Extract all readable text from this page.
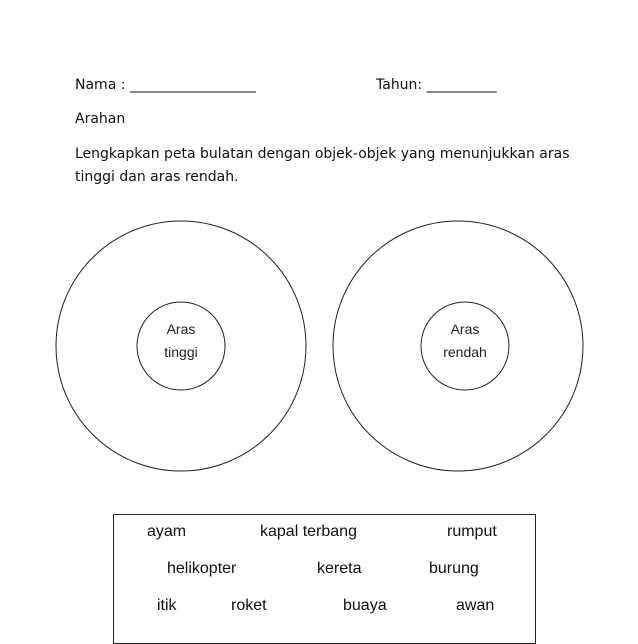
Nama : __________________	Tahun: __________
Arahan
Lengkapkan peta bulatan dengan objek-objek yang menunjukkan aras
tinggi dan aras rendah.
Aras
tinggi
Aras
rendah
ayam	kapal terbang	rumput
helikopter	kereta	burung
itik	roket	buaya	awan
